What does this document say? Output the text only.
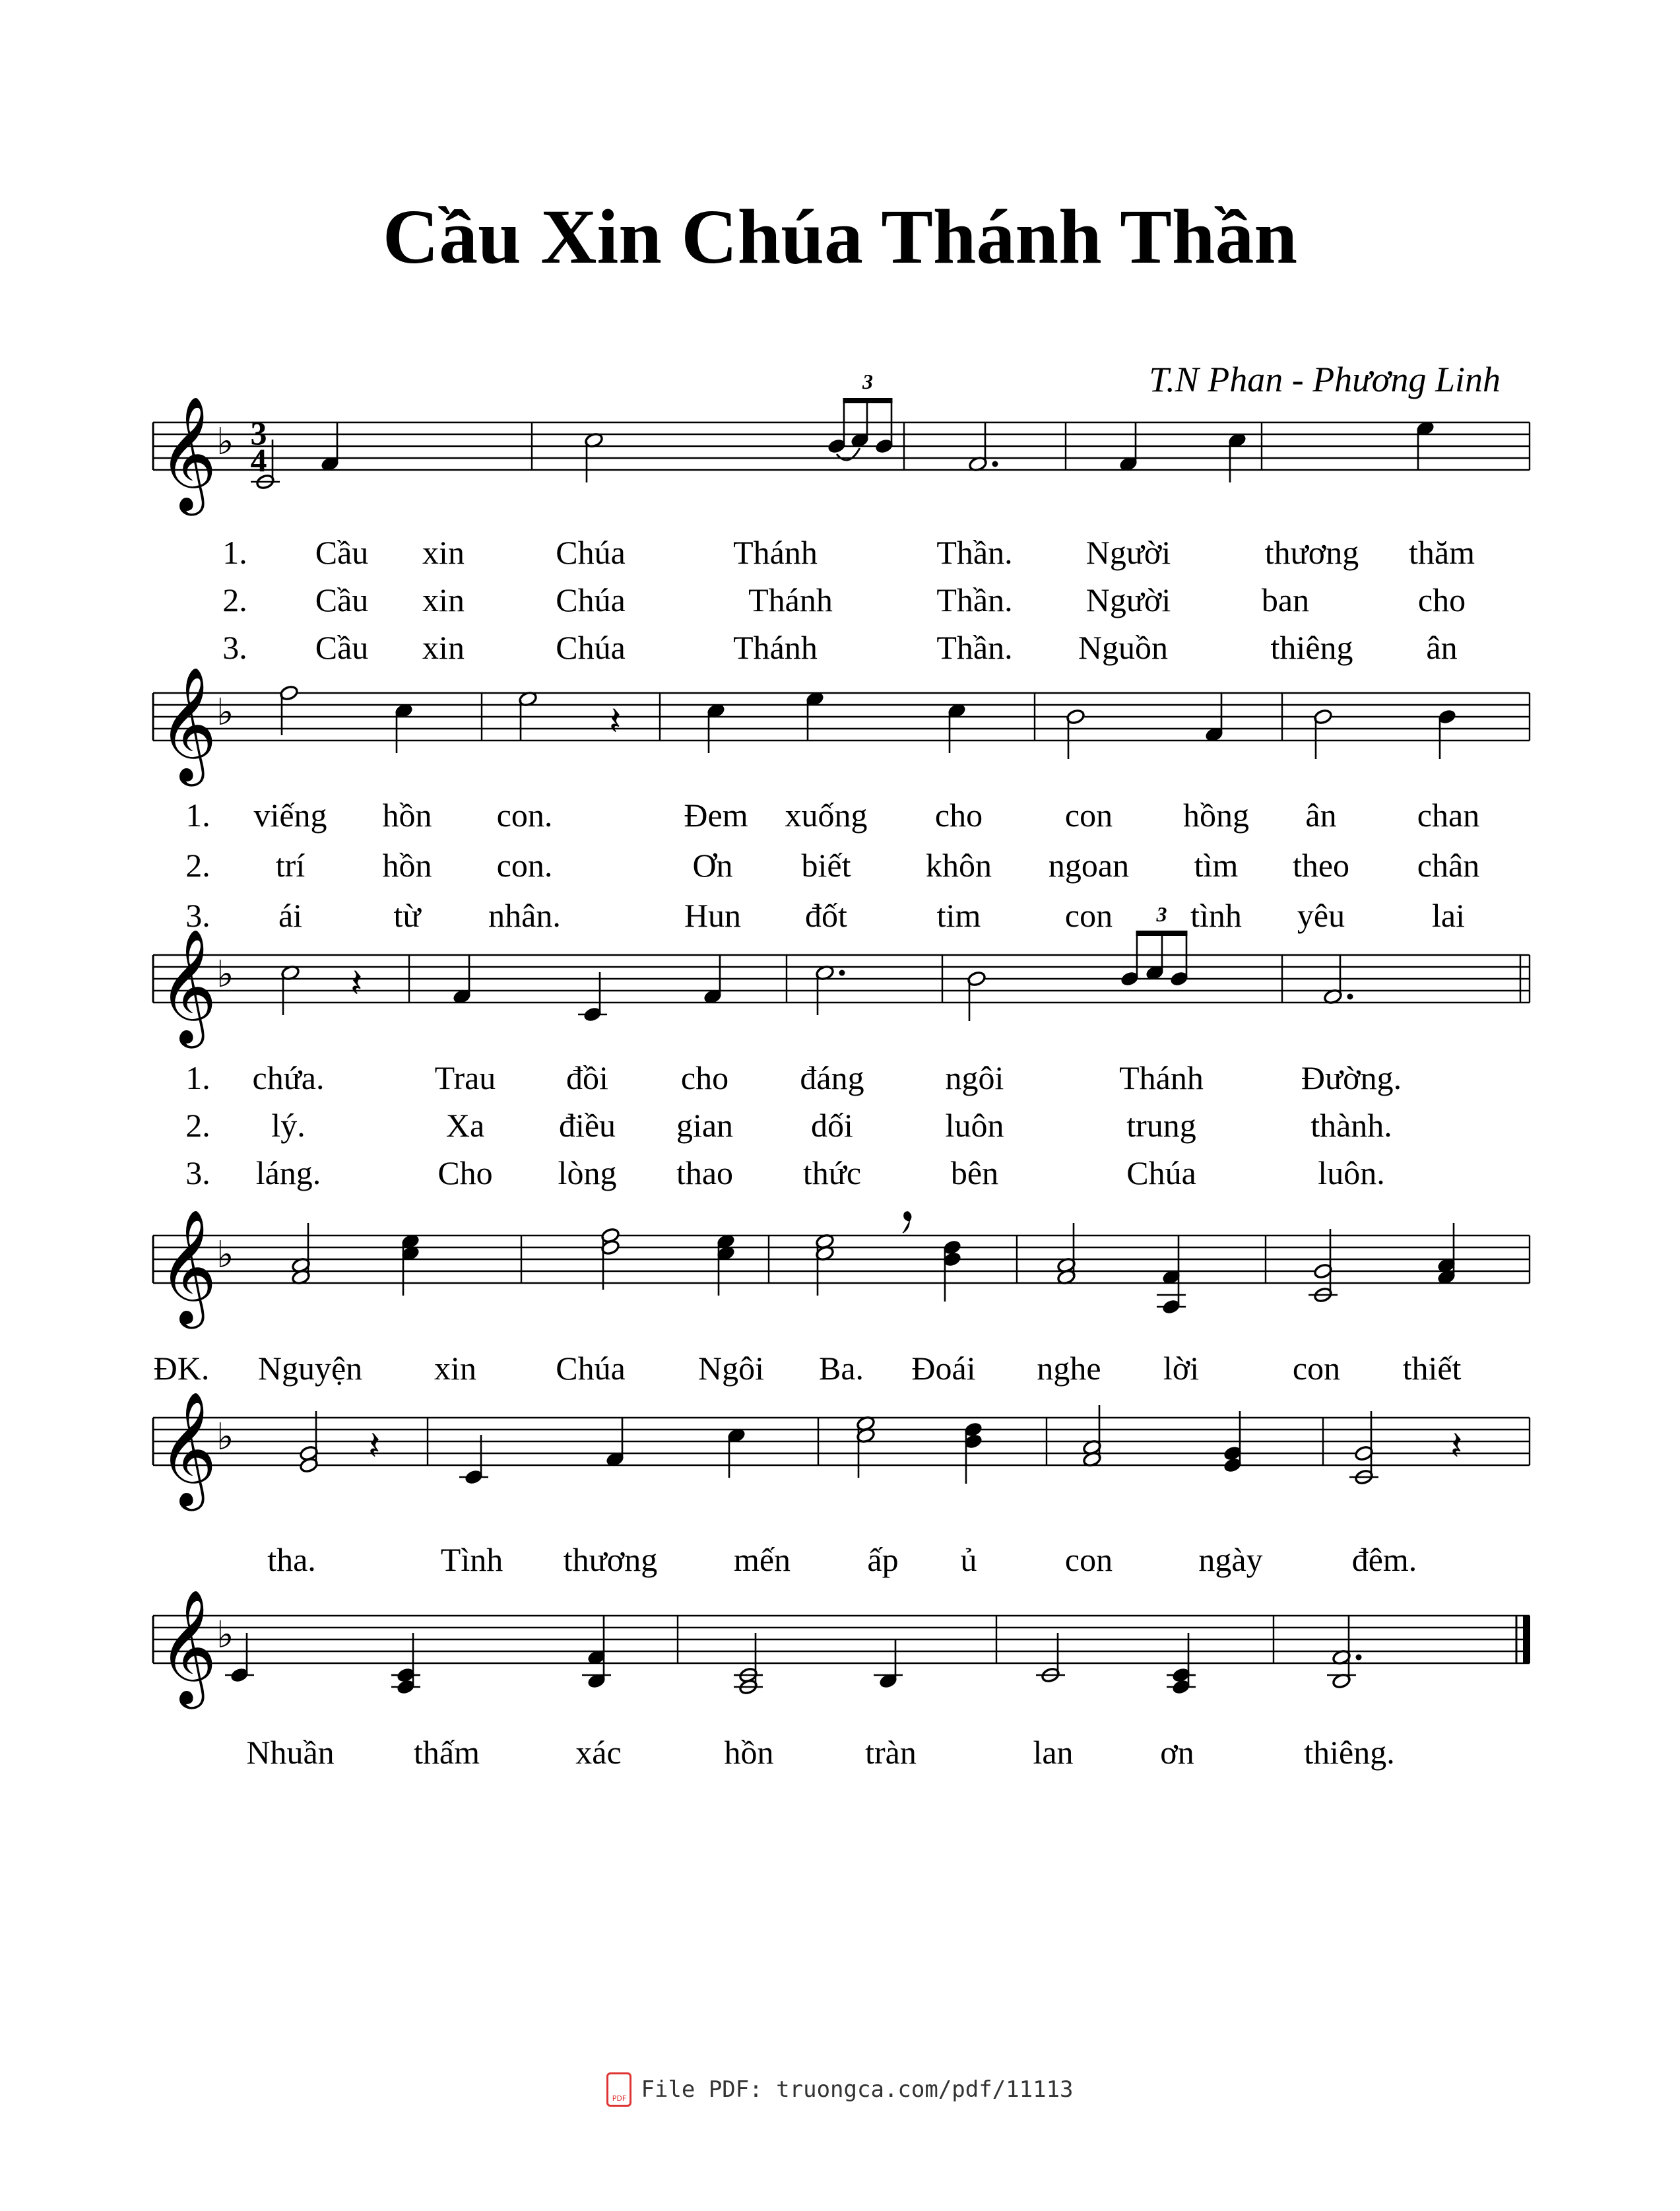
Cầu Xin Chúa Thánh Thần
T.N Phan - Phương Linh
𝄞 ♭ 3
4
3
1. Cầu xin	Chúa	Thánh	Thần. Người	thương thăm
2. Cầu xin	Chúa	Thánh	Thần. Người	ban	cho
3. Cầu xin	Chúa	Thánh	Thần. Nguồn	thiêng ân
𝄞 ♭	𝄽
1. viếng hồn con.	Đem xuống cho con hồng ân chan
2. trí hồn con.	Ơn biết khôn ngoan tìm theo chân
3. ái	từ nhân.	Hun đốt	tim	con tình yêu	lai
𝄞 ♭	𝄽
3
1. chứa.	Trau đồi cho đáng ngôi	Thánh	Đường.
2. lý.	Xa điều gian dối	luôn	trung	thành.
3. láng.	Cho lòng thao thức	bên	Chúa	luôn.
𝄞 ♭
ĐK. Nguyện xin Chúa Ngôi Ba. Đoái nghe lời	con thiết
𝄞 ♭	𝄽	𝄽
tha.	Tình thương mến ấp ủ	con	ngày	đêm.
𝄞 ♭
Nhuần thấm	xác	hồn	tràn	lan	ơn	thiêng.
PDF File PDF: truongca.com/pdf/11113
